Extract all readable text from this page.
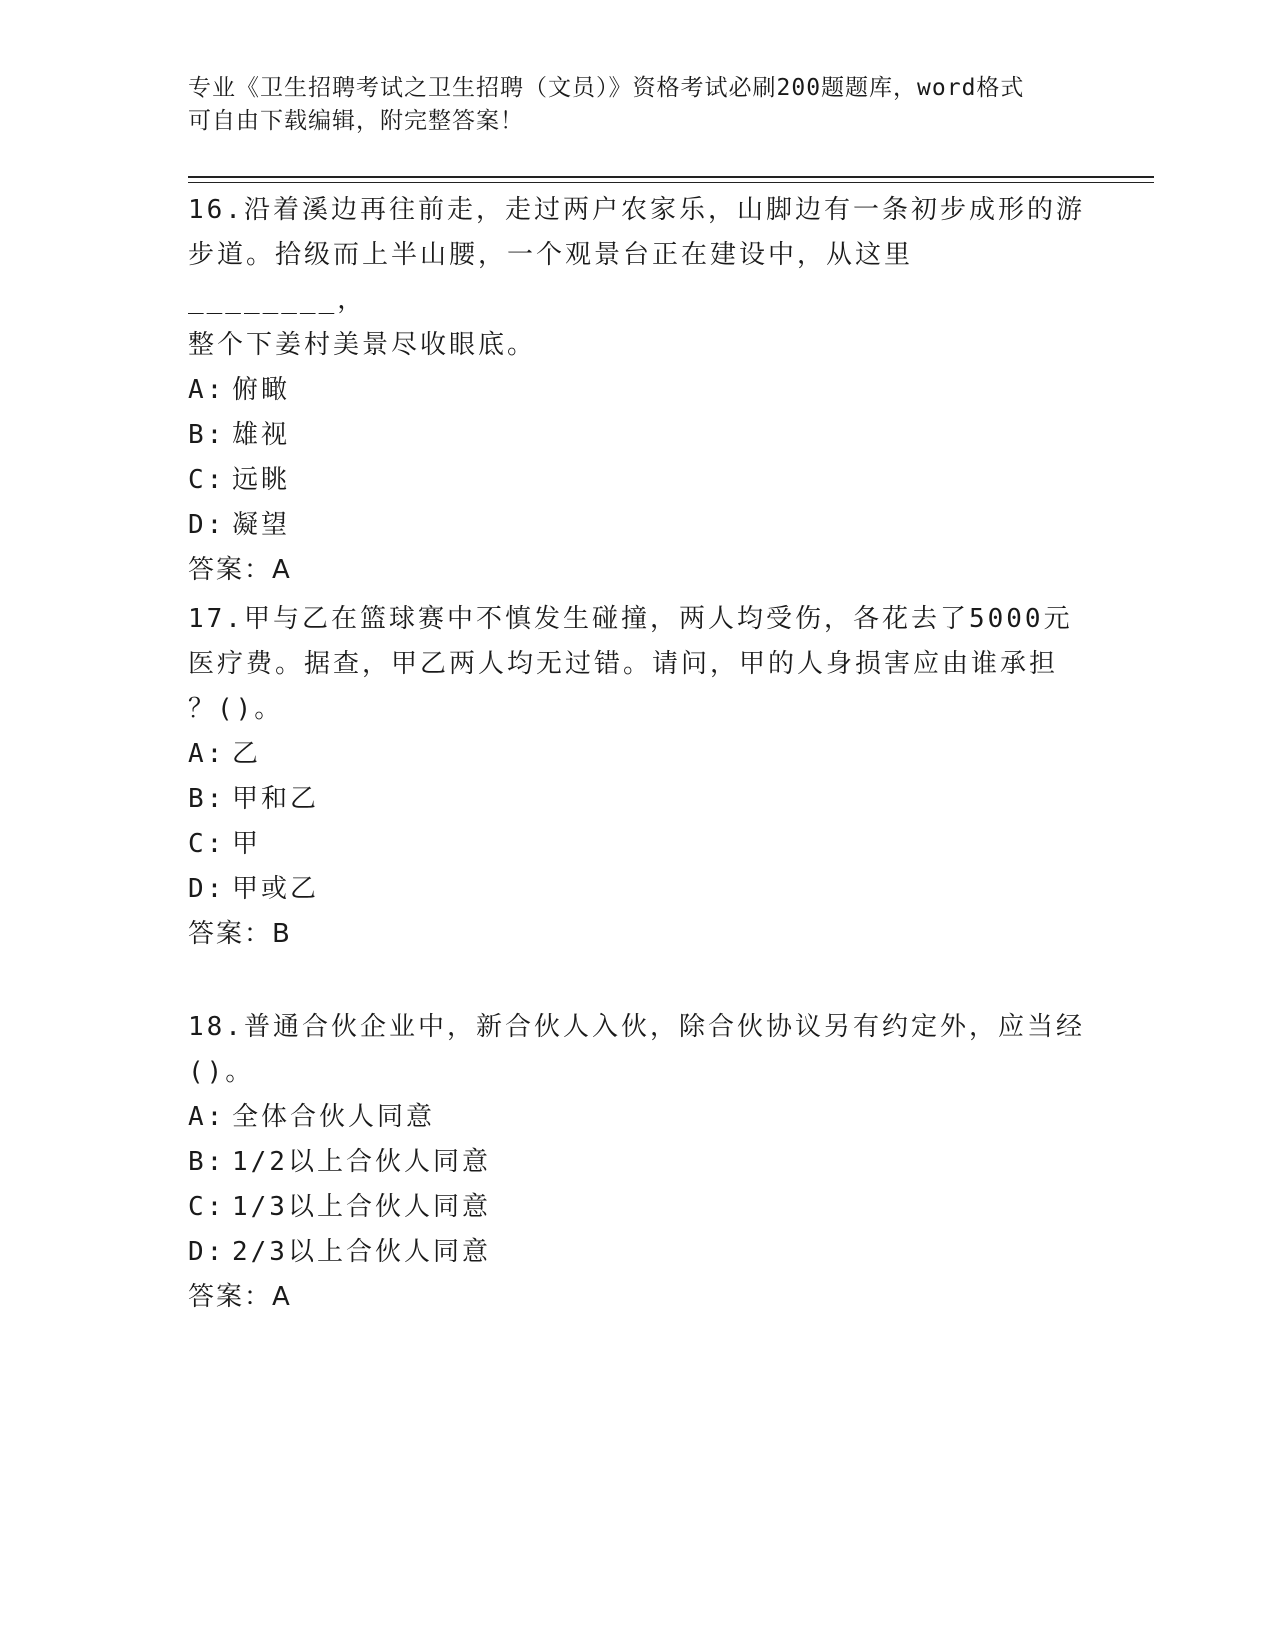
专业《卫生招聘考试之卫生招聘（文员）》资格考试必刷200题题库，word格式
可自由下载编辑，附完整答案！

16.沿着溪边再往前走，走过两户农家乐，山脚边有一条初步成形的游

步道。拾级而上半山腰，一个观景台正在建设中，从这里________，

整个下姜村美景尽收眼底。

A: 俯瞰

B: 雄视

C: 远眺

D: 凝望

答案：A

17.甲与乙在篮球赛中不慎发生碰撞，两人均受伤，各花去了5000元

医疗费。据查，甲乙两人均无过错。请问，甲的人身损害应由谁承担

？()。

A: 乙

B: 甲和乙

C: 甲

D: 甲或乙

答案：B

18.普通合伙企业中，新合伙人入伙，除合伙协议另有约定外，应当经

()。

A: 全体合伙人同意

B: 1/2以上合伙人同意

C: 1/3以上合伙人同意

D: 2/3以上合伙人同意

答案：A
